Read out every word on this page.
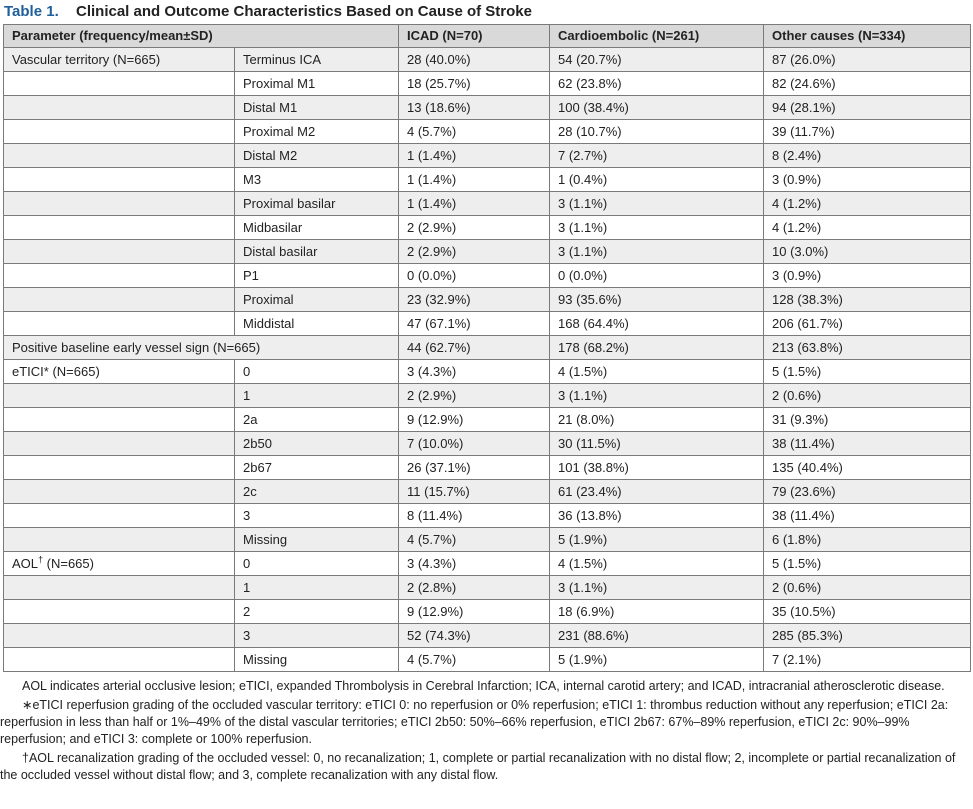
Table 1. Clinical and Outcome Characteristics Based on Cause of Stroke
Parameter (frequency/mean±SD)		ICAD (N=70)	Cardioembolic (N=261)	Other causes (N=334)
Vascular territory (N=665)	Terminus ICA	28 (40.0%)	54 (20.7%)	87 (26.0%)
	Proximal M1	18 (25.7%)	62 (23.8%)	82 (24.6%)
	Distal M1	13 (18.6%)	100 (38.4%)	94 (28.1%)
	Proximal M2	4 (5.7%)	28 (10.7%)	39 (11.7%)
	Distal M2	1 (1.4%)	7 (2.7%)	8 (2.4%)
	M3	1 (1.4%)	1 (0.4%)	3 (0.9%)
	Proximal basilar	1 (1.4%)	3 (1.1%)	4 (1.2%)
	Midbasilar	2 (2.9%)	3 (1.1%)	4 (1.2%)
	Distal basilar	2 (2.9%)	3 (1.1%)	10 (3.0%)
	P1	0 (0.0%)	0 (0.0%)	3 (0.9%)
	Proximal	23 (32.9%)	93 (35.6%)	128 (38.3%)
	Middistal	47 (67.1%)	168 (64.4%)	206 (61.7%)
Positive baseline early vessel sign (N=665)		44 (62.7%)	178 (68.2%)	213 (63.8%)
eTICI* (N=665)	0	3 (4.3%)	4 (1.5%)	5 (1.5%)
	1	2 (2.9%)	3 (1.1%)	2 (0.6%)
	2a	9 (12.9%)	21 (8.0%)	31 (9.3%)
	2b50	7 (10.0%)	30 (11.5%)	38 (11.4%)
	2b67	26 (37.1%)	101 (38.8%)	135 (40.4%)
	2c	11 (15.7%)	61 (23.4%)	79 (23.6%)
	3	8 (11.4%)	36 (13.8%)	38 (11.4%)
	Missing	4 (5.7%)	5 (1.9%)	6 (1.8%)
AOL† (N=665)	0	3 (4.3%)	4 (1.5%)	5 (1.5%)
	1	2 (2.8%)	3 (1.1%)	2 (0.6%)
	2	9 (12.9%)	18 (6.9%)	35 (10.5%)
	3	52 (74.3%)	231 (88.6%)	285 (85.3%)
	Missing	4 (5.7%)	5 (1.9%)	7 (2.1%)

AOL indicates arterial occlusive lesion; eTICI, expanded Thrombolysis in Cerebral Infarction; ICA, internal carotid artery; and ICAD, intracranial atherosclerotic disease.

∗eTICI reperfusion grading of the occluded vascular territory: eTICI 0: no reperfusion or 0% reperfusion; eTICI 1: thrombus reduction without any reperfusion; eTICI 2a: reperfusion in less than half or 1%–49% of the distal vascular territories; eTICI 2b50: 50%–66% reperfusion, eTICI 2b67: 67%–89% reperfusion, eTICI 2c: 90%–99% reperfusion; and eTICI 3: complete or 100% reperfusion.

†AOL recanalization grading of the occluded vessel: 0, no recanalization; 1, complete or partial recanalization with no distal flow; 2, incomplete or partial recanalization of the occluded vessel without distal flow; and 3, complete recanalization with any distal flow.
